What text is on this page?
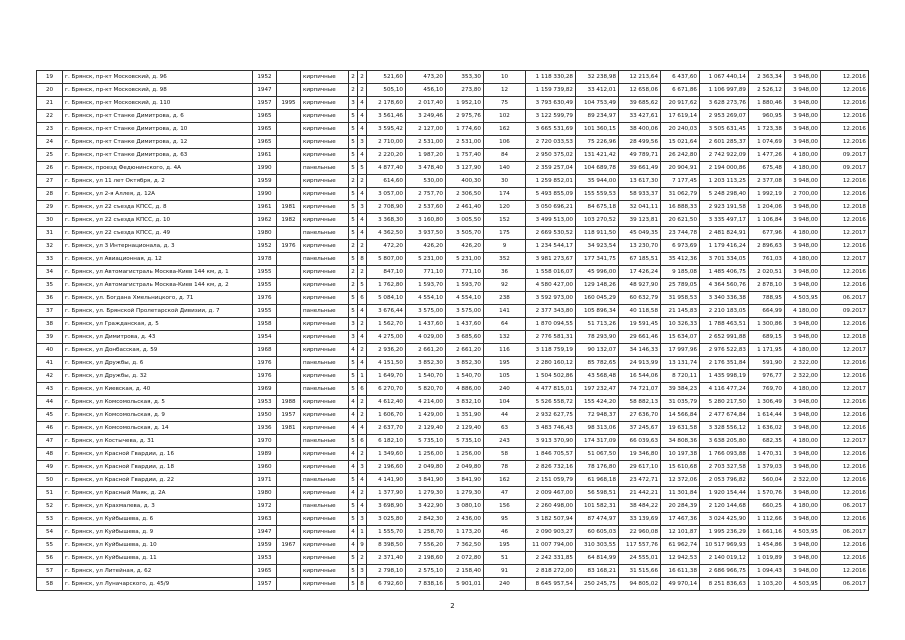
19	г. Брянск, пр-кт Московский, д. 96	1952		кирпичные	2	2	521,60	473,20	353,30	10	1 118 330,28	32 238,98	12 213,64	6 437,60	1 067 440,14	2 363,34	3 948,00	12.2016
20	г. Брянск, пр-кт Московский, д. 98	1947		кирпичные	2	2	505,10	456,10	273,80	12	1 159 739,82	33 412,01	12 658,06	6 671,86	1 106 997,89	2 526,12	3 948,00	12.2016
21	г. Брянск, пр-кт Московский, д. 110	1957	1995	кирпичные	3	4	2 178,60	2 017,40	1 952,10	75	3 793 630,49	104 753,49	39 685,62	20 917,62	3 628 273,76	1 880,46	3 948,00	12.2016
22	г. Брянск, пр-кт Станке Димитрова, д. 6	1965		кирпичные	5	4	3 561,46	3 249,46	2 975,76	102	3 122 599,79	89 234,97	33 427,61	17 619,14	2 953 269,07	960,95	3 948,00	12.2016
23	г. Брянск, пр-кт Станке Димитрова, д. 10	1965		кирпичные	5	4	3 595,42	2 127,00	1 774,60	162	3 665 531,69	101 360,15	38 400,06	20 240,03	3 505 631,45	1 723,38	3 948,00	12.2016
24	г. Брянск, пр-кт Станке Димитрова, д. 12	1965		кирпичные	5	3	2 710,00	2 531,00	2 531,00	106	2 720 033,53	75 226,96	28 499,56	15 021,64	2 601 285,37	1 074,69	3 948,00	12.2016
25	г. Брянск, пр-кт Станке Димитрова, д. 63	1961		кирпичные	5	4	2 220,20	1 987,20	1 757,40	84	2 950 375,02	131 421,42	49 789,71	26 242,80	2 742 922,09	1 477,26	4 180,00	09.2017
26	г. Брянск, проезд Федюнинского, д. 4А	1990		панельные	5	5	4 877,40	3 478,40	3 127,90	140	2 359 257,04	104 689,78	39 661,49	20 904,91	2 194 000,86	675,48	4 180,00	09.2017
27	г. Брянск, ул 11 лет Октября, д. 2	1959		кирпичные	2	2	614,60	530,00	400,30	30	1 259 852,01	35 944,00	13 617,30	7 177,45	1 203 113,25	2 377,08	3 948,00	12.2016
28	г. Брянск, ул 2-я Аллея, д. 12А	1990		кирпичные	5	4	3 057,00	2 757,70	2 306,50	174	5 493 855,09	155 559,53	58 933,37	31 062,79	5 248 298,40	1 992,19	2 700,00	12.2016
29	г. Брянск, ул 22 съезда КПСС, д. 8	1961	1981	кирпичные	5	3	2 708,90	2 537,60	2 461,40	120	3 050 696,21	84 675,18	32 041,11	16 888,33	2 923 191,58	1 204,06	3 948,00	12.2018
30	г. Брянск, ул 22 съезда КПСС, д. 10	1962	1982	кирпичные	5	4	3 368,30	3 160,80	3 005,50	152	3 499 513,00	103 270,52	39 123,81	20 621,50	3 335 497,17	1 106,84	3 948,00	12.2016
31	г. Брянск, ул 22 съезда КПСС, д. 49	1980		панельные	5	4	4 362,50	3 937,50	3 505,70	175	2 669 530,52	118 911,50	45 049,35	23 744,78	2 481 824,91	677,96	4 180,00	12.2017
32	г. Брянск, ул 3 Интернационала, д. 3	1952	1976	кирпичные	2	2	472,20	426,20	426,20	9	1 234 544,17	34 923,54	13 230,70	6 973,69	1 179 416,24	2 896,63	3 948,00	12.2016
33	г. Брянск, ул Авиационная, д. 12	1978		панельные	5	8	5 807,00	5 231,00	5 231,00	352	3 981 273,67	177 341,75	67 185,51	35 412,36	3 701 334,05	761,03	4 180,00	12.2017
34	г. Брянск, ул Автомагистраль Москва-Киев 144 км, д. 1	1955		кирпичные	2	2	847,10	771,10	771,10	36	1 558 016,07	45 996,00	17 426,24	9 185,08	1 485 406,75	2 020,51	3 948,00	12.2016
35	г. Брянск, ул Автомагистраль Москва-Киев 144 км, д. 2	1955		кирпичные	2	5	1 762,80	1 593,70	1 593,70	92	4 580 427,00	129 148,26	48 927,90	25 789,05	4 364 560,76	2 878,10	3 948,00	12.2016
36	г. Брянск, ул. Богдана Хмельницкого, д. 71	1976		кирпичные	5	6	5 084,10	4 554,10	4 554,10	238	3 592 973,00	160 045,29	60 632,79	31 958,53	3 340 336,38	788,95	4 503,95	06.2017
37	г. Брянск, ул. Брянской Пролетарской Дивизии, д. 7	1955		панельные	5	4	3 676,44	3 575,00	3 575,00	141	2 377 343,80	105 896,34	40 118,58	21 145,83	2 210 183,05	664,99	4 180,00	09.2017
38	г. Брянск, ул Гражданская, д. 5	1958		кирпичные	3	2	1 562,70	1 437,60	1 437,60	64	1 870 094,55	51 713,26	19 591,45	10 326,33	1 788 463,51	1 300,86	3 948,00	12.2016
39	г. Брянск, ул Димитрова, д. 43	1954		кирпичные	3	4	4 275,00	4 029,00	3 685,60	132	2 776 581,31	78 293,90	29 661,46	15 634,07	2 652 991,88	689,15	3 948,00	12.2018
40	г. Брянск, ул Донбасская, д. 59	1968		кирпичные	4	2	2 936,20	2 661,20	2 661,20	116	3 118 759,19	90 132,07	34 146,33	17 997,96	2 976 522,83	1 171,95	4 180,00	12.2017
41	г. Брянск, ул Дружбы, д. 6	1976		панельные	5	4	4 151,50	3 852,30	3 852,30	195	2 280 160,12	85 782,65	24 913,99	13 131,74	2 176 351,84	591,90	2 322,00	12.2016
42	г. Брянск, ул Дружбы, д. 32	1976		кирпичные	5	1	1 649,70	1 540,70	1 540,70	105	1 504 502,86	43 568,48	16 544,06	8 720,11	1 435 998,19	976,77	2 322,00	12.2016
43	г. Брянск, ул Киевская, д. 40	1969		панельные	5	6	6 270,70	5 820,70	4 886,00	240	4 477 815,01	197 232,47	74 721,07	39 384,23	4 116 477,24	769,70	4 180,00	12.2017
44	г. Брянск, ул Комсомольская, д. 5	1953	1988	кирпичные	4	2	4 612,40	4 214,00	3 832,10	104	5 526 558,72	155 424,20	58 882,13	31 035,79	5 280 217,50	1 306,49	3 948,00	12.2016
45	г. Брянск, ул Комсомольская, д. 9	1950	1957	кирпичные	4	2	1 606,70	1 429,00	1 351,90	44	2 932 627,75	72 948,37	27 636,70	14 566,84	2 477 674,84	1 614,44	3 948,00	12.2016
46	г. Брянск, ул Комсомольская, д. 14	1936	1981	кирпичные	4	4	2 637,70	2 129,40	2 129,40	63	3 483 746,43	98 313,06	37 245,67	19 631,58	3 328 556,12	1 636,02	3 948,00	12.2016
47	г. Брянск, ул Костычева, д. 31	1970		панельные	5	6	6 182,10	5 735,10	5 735,10	243	3 913 370,90	174 317,09	66 039,63	34 808,36	3 638 205,80	682,35	4 180,00	12.2017
48	г. Брянск, ул Красной Гвардии, д. 16	1989		кирпичные	4	2	1 349,60	1 256,00	1 256,00	58	1 846 705,57	51 067,50	19 346,80	10 197,38	1 766 093,88	1 470,31	3 948,00	12.2016
49	г. Брянск, ул Красной Гвардии, д. 18	1960		кирпичные	4	3	2 196,60	2 049,80	2 049,80	78	2 826 732,16	78 176,80	29 617,10	15 610,68	2 703 327,58	1 379,03	3 948,00	12.2016
50	г. Брянск, ул Красной Гвардии, д. 22	1971		панельные	5	4	4 141,90	3 841,90	3 841,90	162	2 151 059,79	61 968,18	23 472,71	12 372,06	2 053 796,82	560,04	2 322,00	12.2016
51	г. Брянск, ул Красный Маяк, д. 2А	1980		кирпичные	4	2	1 377,90	1 279,30	1 279,30	47	2 009 467,00	56 598,51	21 442,21	11 301,84	1 920 154,44	1 570,76	3 948,00	12.2016
52	г. Брянск, ул Крахмалева, д. 3	1972		панельные	5	4	3 698,90	3 422,90	3 080,10	156	2 260 498,00	101 582,31	38 484,22	20 284,39	2 120 144,68	660,25	4 180,00	06.2017
53	г. Брянск, ул Куйбышева, д. 6	1963		кирпичные	5	3	3 025,80	2 842,30	2 436,00	95	3 182 507,94	87 474,97	33 139,69	17 467,36	3 024 425,90	1 112,66	3 948,00	12.2016
54	г. Брянск, ул Куйбышева, д. 9	1947		кирпичные	4	1	1 555,70	1 258,70	1 173,20	46	2 090 903,27	60 605,03	22 960,08	12 101,87	1 995 236,29	1 661,16	4 503,95	06.2017
55	г. Брянск, ул Куйбышева, д. 10	1959	1967	кирпичные	4	9	8 398,50	7 556,20	7 362,50	195	11 007 794,00	310 303,55	117 557,76	61 962,74	10 517 969,93	1 454,86	3 948,00	12.2016
56	г. Брянск, ул Куйбышева, д. 11	1953		кирпичные	5	2	2 371,40	2 198,60	2 072,80	51	2 242 331,85	64 814,99	24 555,01	12 942,53	2 140 019,12	1 019,89	3 948,00	12.2016
57	г. Брянск, ул Литейная, д. 62	1965		кирпичные	5	3	2 798,10	2 575,10	2 158,40	91	2 818 272,00	83 168,21	31 515,66	16 611,38	2 686 966,75	1 094,43	3 948,00	12.2016
58	г. Брянск, ул Луначарского, д. 45/9	1957		кирпичные	5	8	6 792,60	7 838,16	5 901,01	240	8 645 957,54	250 245,75	94 805,02	49 970,14	8 251 836,63	1 103,20	4 503,95	06.2017
2
